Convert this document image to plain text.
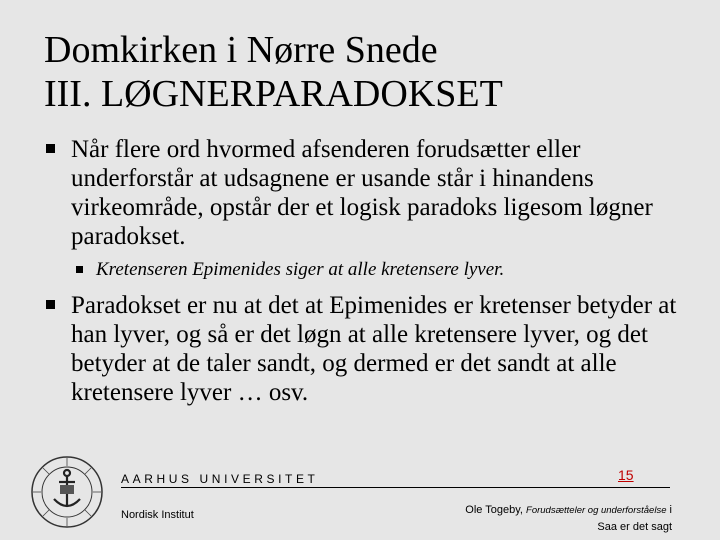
Domkirken i Nørre Snede
III. LØGNERPARADOKSET
Når flere ord hvormed afsenderen forudsætter eller underforstår at udsagnene er usande står i hinandens virkeområde, opstår der et logisk paradoks ligesom løgner paradokset.
Kretenseren Epimenides siger at alle kretensere lyver.
Paradokset er nu at det at Epimenides er kretenser betyder at han lyver, og så er det løgn at alle kretensere lyver, og det betyder at de taler sandt, og dermed er det sandt at alle kretensere lyver … osv.
AARHUS UNIVERSITET	15
Nordisk Institut	Ole Togeby, Forudsætteler og underforståelse i
Saa er det sagt
